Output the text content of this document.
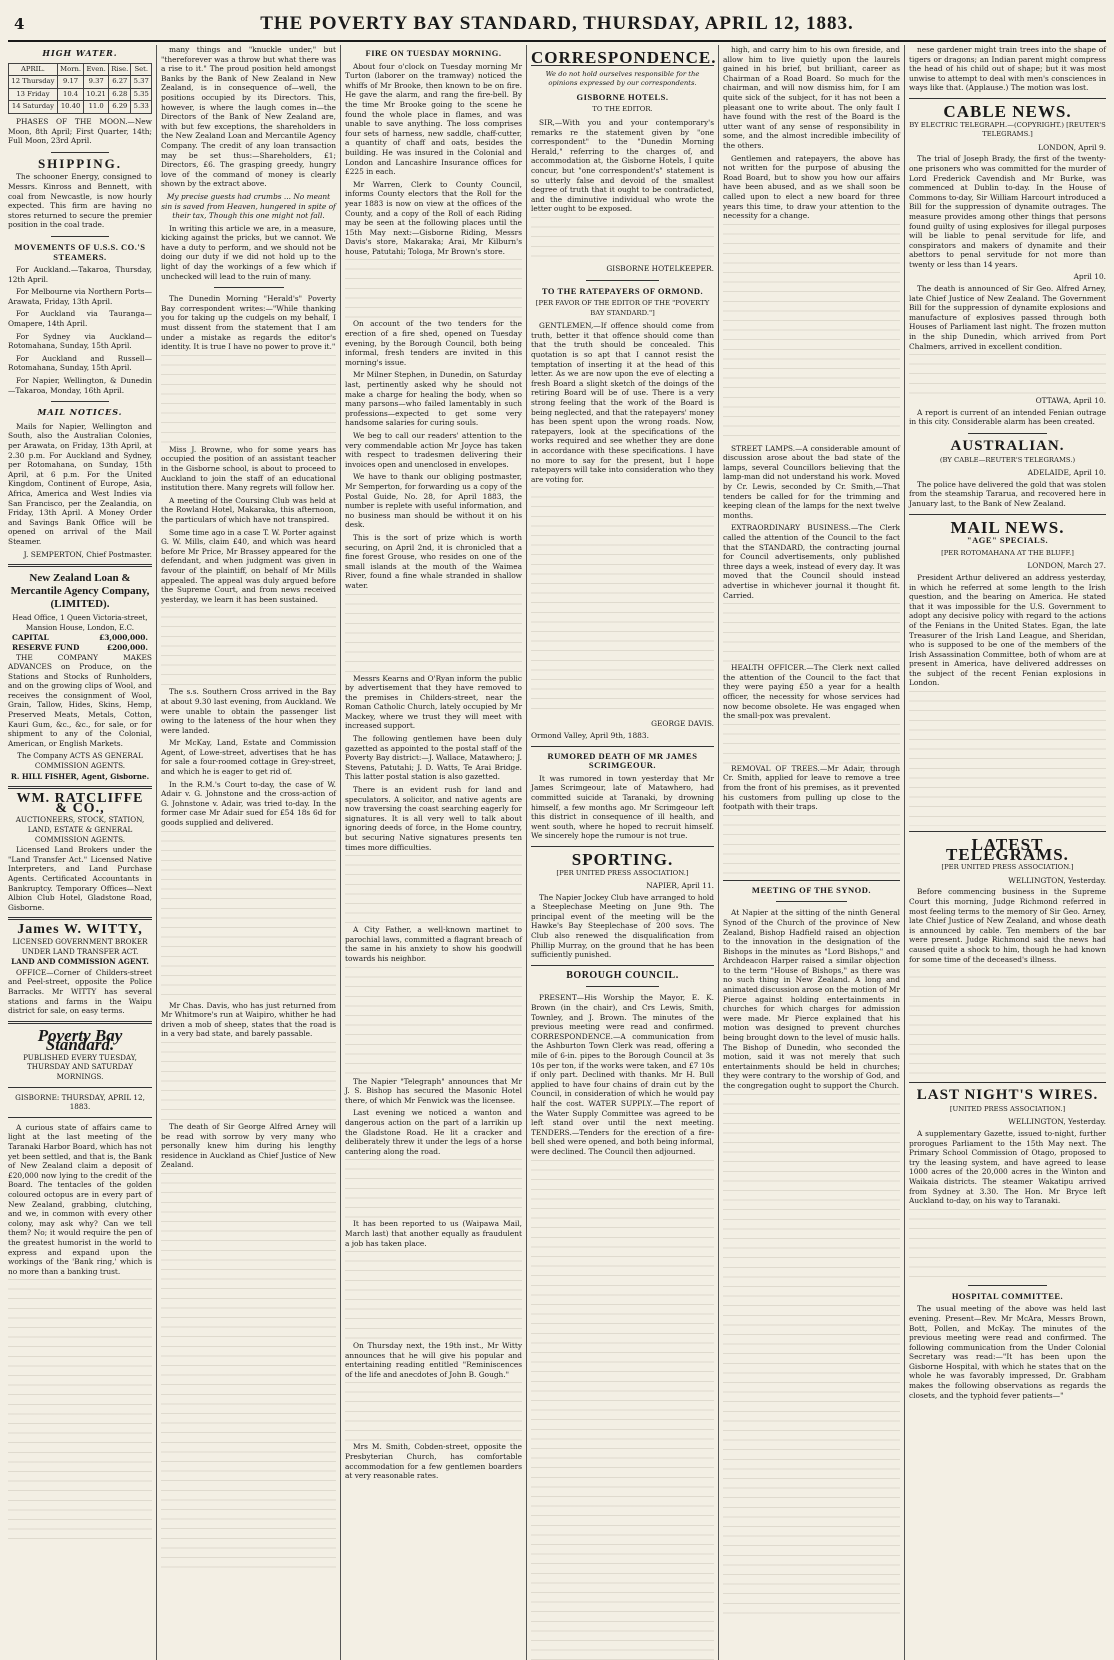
4	THE POVERTY BAY STANDARD, THURSDAY, APRIL 12, 1883.
HIGH WATER.
APRIL.	Morn.	Even.	Rise.	Set.
12 Thursday	9.17	9.37	6.27	5.37
13 Friday	10.4	10.21	6.28	5.35
14 Saturday	10.40	11.0	6.29	5.33

PHASES OF THE MOON.—New Moon, 8th April; First Quarter, 14th; Full Moon, 23rd April.

SHIPPING.

The schooner Energy, consigned to Messrs. Kinross and Bennett, with coal from Newcastle, is now hourly expected. This firm are having no stores returned to secure the premier position in the coal trade.

MOVEMENTS OF U.S.S. CO.'S STEAMERS.

For Auckland.—Takaroa, Thursday, 12th April.

For Melbourne via Northern Ports—Arawata, Friday, 13th April.

For Auckland via Tauranga—Omapere, 14th April.

For Sydney via Auckland—Rotomahana, Sunday, 15th April.

For Auckland and Russell—Rotomahana, Sunday, 15th April.

For Napier, Wellington, & Dunedin—Takaroa, Monday, 16th April.

MAIL NOTICES.

Mails for Napier, Wellington and South, also the Australian Colonies, per Arawata, on Friday, 13th April, at 2.30 p.m. For Auckland and Sydney, per Rotomahana, on Sunday, 15th April, at 6 p.m. For the United Kingdom, Continent of Europe, Asia, Africa, America and West Indies via San Francisco, per the Zealandia, on Friday, 13th April. A Money Order and Savings Bank Office will be opened on arrival of the Mail Steamer.

J. SEMPERTON, Chief Postmaster.
New Zealand Loan & Mercantile Agency Company, (LIMITED).
Head Office, 1 Queen Victoria-street, Mansion House, London, E.C.
CAPITAL	£3,000,000.
RESERVE FUND	£200,000.

THE COMPANY MAKES ADVANCES on Produce, on the Stations and Stocks of Runholders, and on the growing clips of Wool, and receives the consignment of Wool, Grain, Tallow, Hides, Skins, Hemp, Preserved Meats, Metals, Cotton, Kauri Gum, &c., &c., for sale, or for shipment to any of the Colonial, American, or English Markets.

The Company ACTS AS GENERAL COMMISSION AGENTS.
R. HILL FISHER, Agent, Gisborne.
WM. RATCLIFFE & CO.,
AUCTIONEERS, STOCK, STATION, LAND, ESTATE & GENERAL COMMISSION AGENTS.

Licensed Land Brokers under the "Land Transfer Act." Licensed Native Interpreters, and Land Purchase Agents. Certificated Accountants in Bankruptcy. Temporary Offices—Next Albion Club Hotel, Gladstone Road, Gisborne.

James W. WITTY,
LICENSED GOVERNMENT BROKER UNDER LAND TRANSFER ACT.
LAND AND COMMISSION AGENT.

OFFICE—Corner of Childers-street and Peel-street, opposite the Police Barracks. Mr WITTY has several stations and farms in the Waipu district for sale, on easy terms.

Poverty Bay Standard.
PUBLISHED EVERY TUESDAY, THURSDAY AND SATURDAY MORNINGS.
GISBORNE: THURSDAY, APRIL 12, 1883.

A curious state of affairs came to light at the last meeting of the Taranaki Harbor Board, which has not yet been settled, and that is, the Bank of New Zealand claim a deposit of £20,000 now lying to the credit of the Board. The tentacles of the golden coloured octopus are in every part of New Zealand, grabbing, clutching, and we, in common with every other colony, may ask why? Can we tell them? No; it would require the pen of the greatest humorist in the world to express and expand upon the workings of the 'Bank ring,' which is no more than a banking trust.

many things and "knuckle under," but "thereforever was a throw but what there was a rise to it." The proud position held amongst Banks by the Bank of New Zealand in New Zealand, is in consequence of—well, the positions occupied by its Directors. This, however, is where the laugh comes in—the Directors of the Bank of New Zealand are, with but few exceptions, the shareholders in the New Zealand Loan and Mercantile Agency Company. The credit of any loan transaction may be set thus:—Shareholders, £1; Directors, £6. The grasping greedy, hungry love of the command of money is clearly shown by the extract above.

My precise guests had crumbs ... No meant sin is saved from Heaven, hungered in spite of their tax, Though this one might not fall.

In writing this article we are, in a measure, kicking against the pricks, but we cannot. We have a duty to perform, and we should not be doing our duty if we did not hold up to the light of day the workings of a few which if unchecked will lead to the ruin of many.

The Dunedin Morning "Herald's" Poverty Bay correspondent writes:—"While thanking you for taking up the cudgels on my behalf, I must dissent from the statement that I am under a mistake as regards the editor's identity. It is true I have no power to prove it."

Miss J. Browne, who for some years has occupied the position of an assistant teacher in the Gisborne school, is about to proceed to Auckland to join the staff of an educational institution there. Many regrets will follow her.

A meeting of the Coursing Club was held at the Rowland Hotel, Makaraka, this afternoon, the particulars of which have not transpired.

Some time ago in a case T. W. Porter against G. W. Mills, claim £40, and which was heard before Mr Price, Mr Brassey appeared for the defendant, and when judgment was given in favour of the plaintiff, on behalf of Mr Mills appealed. The appeal was duly argued before the Supreme Court, and from news received yesterday, we learn it has been sustained.

The s.s. Southern Cross arrived in the Bay at about 9.30 last evening, from Auckland. We were unable to obtain the passenger list owing to the lateness of the hour when they were landed.

Mr McKay, Land, Estate and Commission Agent, of Lowe-street, advertises that he has for sale a four-roomed cottage in Grey-street, and which he is eager to get rid of.

In the R.M.'s Court to-day, the case of W. Adair v. G. Johnstone and the cross-action of G. Johnstone v. Adair, was tried to-day. In the former case Mr Adair sued for £54 18s 6d for goods supplied and delivered.

Mr Chas. Davis, who has just returned from Mr Whitmore's run at Waipiro, whither he had driven a mob of sheep, states that the road is in a very bad state, and barely passable.

The death of Sir George Alfred Arney will be read with sorrow by very many who personally knew him during his lengthy residence in Auckland as Chief Justice of New Zealand.

FIRE ON TUESDAY MORNING.

About four o'clock on Tuesday morning Mr Turton (laborer on the tramway) noticed the whiffs of Mr Brooke, then known to be on fire. He gave the alarm, and rang the fire-bell. By the time Mr Brooke going to the scene he found the whole place in flames, and was unable to save anything. The loss comprises four sets of harness, new saddle, chaff-cutter, a quantity of chaff and oats, besides the building. He was insured in the Colonial and London and Lancashire Insurance offices for £225 in each.

Mr Warren, Clerk to County Council, informs County electors that the Roll for the year 1883 is now on view at the offices of the County, and a copy of the Roll of each Riding may be seen at the following places until the 15th May next:—Gisborne Riding, Messrs Davis's store, Makaraka; Arai, Mr Kilburn's house, Patutahi; Tologa, Mr Brown's store.

On account of the two tenders for the erection of a fire shed, opened on Tuesday evening, by the Borough Council, both being informal, fresh tenders are invited in this morning's issue.

Mr Milner Stephen, in Dunedin, on Saturday last, pertinently asked why he should not make a charge for healing the body, when so many parsons—who failed lamentably in such professions—expected to get some very handsome salaries for curing souls.

We beg to call our readers' attention to the very commendable action Mr Joyce has taken with respect to tradesmen delivering their invoices open and unenclosed in envelopes.

We have to thank our obliging postmaster, Mr Semperton, for forwarding us a copy of the Postal Guide, No. 28, for April 1883, the number is replete with useful information, and no business man should be without it on his desk.

This is the sort of prize which is worth securing, on April 2nd, it is chronicled that a fine forest Grouse, who resides on one of the small islands at the mouth of the Waimea River, found a fine whale stranded in shallow water.

Messrs Kearns and O'Ryan inform the public by advertisement that they have removed to the premises in Childers-street, near the Roman Catholic Church, lately occupied by Mr Mackey, where we trust they will meet with increased support.

The following gentlemen have been duly gazetted as appointed to the postal staff of the Poverty Bay district:—J. Wallace, Matawhero; J. Stevens, Patutahi; J. D. Watts, Te Arai Bridge. This latter postal station is also gazetted.

There is an evident rush for land and speculators. A solicitor, and native agents are now traversing the coast searching eagerly for signatures. It is all very well to talk about ignoring deeds of force, in the Home country, but securing Native signatures presents ten times more difficulties.

A City Father, a well-known martinet to parochial laws, committed a flagrant breach of the same in his anxiety to show his goodwill towards his neighbor.

The Napier "Telegraph" announces that Mr J. S. Bishop has secured the Masonic Hotel there, of which Mr Fenwick was the licensee.

Last evening we noticed a wanton and dangerous action on the part of a larrikin up the Gladstone Road. He lit a cracker and deliberately threw it under the legs of a horse cantering along the road.

It has been reported to us (Waipawa Mail, March last) that another equally as fraudulent a job has taken place.

On Thursday next, the 19th inst., Mr Witty announces that he will give his popular and entertaining reading entitled "Reminiscences of the life and anecdotes of John B. Gough."

Mrs M. Smith, Cobden-street, opposite the Presbyterian Church, has comfortable accommodation for a few gentlemen boarders at very reasonable rates.

CORRESPONDENCE.
We do not hold ourselves responsible for the opinions expressed by our correspondents.
GISBORNE HOTELS.
TO THE EDITOR.

SIR,—With you and your contemporary's remarks re the statement given by "one correspondent" to the "Dunedin Morning Herald," referring to the charges of, and accommodation at, the Gisborne Hotels, I quite concur, but "one correspondent's" statement is so utterly false and devoid of the smallest degree of truth that it ought to be contradicted, and the diminutive individual who wrote the letter ought to be exposed.

GISBORNE HOTELKEEPER.
TO THE RATEPAYERS OF ORMOND.
[PER FAVOR OF THE EDITOR OF THE "POVERTY BAY STANDARD."]

GENTLEMEN,—If offence should come from truth, better it that offence should come than that the truth should be concealed. This quotation is so apt that I cannot resist the temptation of inserting it at the head of this letter. As we are now upon the eve of electing a fresh Board a slight sketch of the doings of the retiring Board will be of use. There is a very strong feeling that the work of the Board is being neglected, and that the ratepayers' money has been spent upon the wrong roads. Now, ratepayers, look at the specifications of the works required and see whether they are done in accordance with these specifications. I have no more to say for the present, but I hope ratepayers will take into consideration who they are voting for.

GEORGE DAVIS.

Ormond Valley, April 9th, 1883.

RUMORED DEATH OF MR JAMES SCRIMGEOUR.

It was rumored in town yesterday that Mr James Scrimgeour, late of Matawhero, had committed suicide at Taranaki, by drowning himself, a few months ago. Mr Scrimgeour left this district in consequence of ill health, and went south, where he hoped to recruit himself. We sincerely hope the rumour is not true.

SPORTING.
[PER UNITED PRESS ASSOCIATION.]
NAPIER, April 11.

The Napier Jockey Club have arranged to hold a Steeplechase Meeting on June 9th. The principal event of the meeting will be the Hawke's Bay Steeplechase of 200 sovs. The Club also renewed the disqualification from Phillip Murray, on the ground that he has been sufficiently punished.

BOROUGH COUNCIL.

PRESENT—His Worship the Mayor, E. K. Brown (in the chair), and Crs Lewis, Smith, Townley, and J. Brown. The minutes of the previous meeting were read and confirmed. CORRESPONDENCE.—A communication from the Ashburton Town Clerk was read, offering a mile of 6-in. pipes to the Borough Council at 3s 10s per ton, if the works were taken, and £7 10s if only part. Declined with thanks. Mr H. Bull applied to have four chains of drain cut by the Council, in consideration of which he would pay half the cost. WATER SUPPLY.—The report of the Water Supply Committee was agreed to be left stand over until the next meeting. TENDERS.—Tenders for the erection of a fire-bell shed were opened, and both being informal, were declined. The Council then adjourned.

high, and carry him to his own fireside, and allow him to live quietly upon the laurels gained in his brief, but brilliant, career as Chairman of a Road Board. So much for the chairman, and will now dismiss him, for I am quite sick of the subject, for it has not been a pleasant one to write about. The only fault I have found with the rest of the Board is the utter want of any sense of responsibility in some, and the almost incredible imbecility of the others.

Gentlemen and ratepayers, the above has not written for the purpose of abusing the Road Board, but to show you how our affairs have been abused, and as we shall soon be called upon to elect a new board for three years this time, to draw your attention to the necessity for a change.

STREET LAMPS.—A considerable amount of discussion arose about the bad state of the lamps, several Councillors believing that the lamp-man did not understand his work. Moved by Cr. Lewis, seconded by Cr. Smith,—That tenders be called for for the trimming and keeping clean of the lamps for the next twelve months.

EXTRAORDINARY BUSINESS.—The Clerk called the attention of the Council to the fact that the STANDARD, the contracting journal for Council advertisements, only published three days a week, instead of every day. It was moved that the Council should instead advertise in whichever journal it thought fit. Carried.

HEALTH OFFICER.—The Clerk next called the attention of the Council to the fact that they were paying £50 a year for a health officer, the necessity for whose services had now become obsolete. He was engaged when the small-pox was prevalent.

REMOVAL OF TREES.—Mr Adair, through Cr. Smith, applied for leave to remove a tree from the front of his premises, as it prevented his customers from pulling up close to the footpath with their traps.

MEETING OF THE SYNOD.

At Napier at the sitting of the ninth General Synod of the Church of the province of New Zealand, Bishop Hadfield raised an objection to the innovation in the designation of the Bishops in the minutes as "Lord Bishops," and Archdeacon Harper raised a similar objection to the term "House of Bishops," as there was no such thing in New Zealand. A long and animated discussion arose on the motion of Mr Pierce against holding entertainments in churches for which charges for admission were made. Mr Pierce explained that his motion was designed to prevent churches being brought down to the level of music halls. The Bishop of Dunedin, who seconded the motion, said it was not merely that such entertainments should be held in churches; they were contrary to the worship of God, and the congregation ought to support the Church.

nese gardener might train trees into the shape of tigers or dragons; an Indian parent might compress the head of his child out of shape; but it was most unwise to attempt to deal with men's consciences in ways like that. (Applause.) The motion was lost.

CABLE NEWS.
BY ELECTRIC TELEGRAPH.—(COPYRIGHT.) [REUTER'S TELEGRAMS.]
LONDON, April 9.

The trial of Joseph Brady, the first of the twenty-one prisoners who was committed for the murder of Lord Frederick Cavendish and Mr Burke, was commenced at Dublin to-day. In the House of Commons to-day, Sir William Harcourt introduced a Bill for the suppression of dynamite outrages. The measure provides among other things that persons found guilty of using explosives for illegal purposes will be liable to penal servitude for life, and conspirators and makers of dynamite and their abettors to penal servitude for not more than twenty or less than 14 years.

April 10.

The death is announced of Sir Geo. Alfred Arney, late Chief Justice of New Zealand. The Government Bill for the suppression of dynamite explosions and manufacture of explosives passed through both Houses of Parliament last night. The frozen mutton in the ship Dunedin, which arrived from Port Chalmers, arrived in excellent condition.

OTTAWA, April 10.

A report is current of an intended Fenian outrage in this city. Considerable alarm has been created.

AUSTRALIAN.
(BY CABLE—REUTER'S TELEGRAMS.)
ADELAIDE, April 10.

The police have delivered the gold that was stolen from the steamship Tararua, and recovered here in January last, to the Bank of New Zealand.

MAIL NEWS.
"AGE" SPECIALS.
[PER ROTOMAHANA AT THE BLUFF.]
LONDON, March 27.

President Arthur delivered an address yesterday, in which he referred at some length to the Irish question, and the bearing on America. He stated that it was impossible for the U.S. Government to adopt any decisive policy with regard to the actions of the Fenians in the United States. Egan, the late Treasurer of the Irish Land League, and Sheridan, who is supposed to be one of the members of the Irish Assassination Committee, both of whom are at present in America, have delivered addresses on the subject of the recent Fenian explosions in London.

LATEST TELEGRAMS.
[PER UNITED PRESS ASSOCIATION.]
WELLINGTON, Yesterday.

Before commencing business in the Supreme Court this morning, Judge Richmond referred in most feeling terms to the memory of Sir Geo. Arney, late Chief Justice of New Zealand, and whose death is announced by cable. Ten members of the bar were present. Judge Richmond said the news had caused quite a shock to him, though he had known for some time of the deceased's illness.

LAST NIGHT'S WIRES.
[UNITED PRESS ASSOCIATION.]
WELLINGTON, Yesterday.

A supplementary Gazette, issued to-night, further prorogues Parliament to the 15th May next. The Primary School Commission of Otago, proposed to try the leasing system, and have agreed to lease 1000 acres of the 20,000 acres in the Winton and Waikaia districts. The steamer Wakatipu arrived from Sydney at 3.30. The Hon. Mr Bryce left Auckland to-day, on his way to Taranaki.

HOSPITAL COMMITTEE.

The usual meeting of the above was held last evening. Present—Rev. Mr McAra, Messrs Brown, Bott, Pollen, and McKay. The minutes of the previous meeting were read and confirmed. The following communication from the Under Colonial Secretary was read:—"It has been upon the Gisborne Hospital, with which he states that on the whole he was favorably impressed, Dr. Grabham makes the following observations as regards the closets, and the typhoid fever patients—"
